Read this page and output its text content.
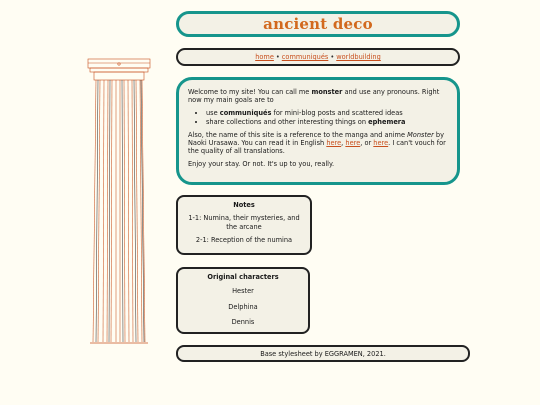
ancient deco
home • communiqués • worldbuilding

Welcome to my site! You can call me monster and use any pronouns. Right now my main goals are to

• use communiqués for mini-blog posts and scattered ideas
• share collections and other interesting things on ephemera

Also, the name of this site is a reference to the manga and anime Monster by Naoki Urasawa. You can read it in English here, here, or here. I can't vouch for the quality of all translations.

Enjoy your stay. Or not. It's up to you, really.

Notes
1-1: Numina, their mysteries, and the arcane
2-1: Reception of the numina
Original characters
Hester
Delphina
Dennis
Base stylesheet by EGGRAMEN, 2021.
